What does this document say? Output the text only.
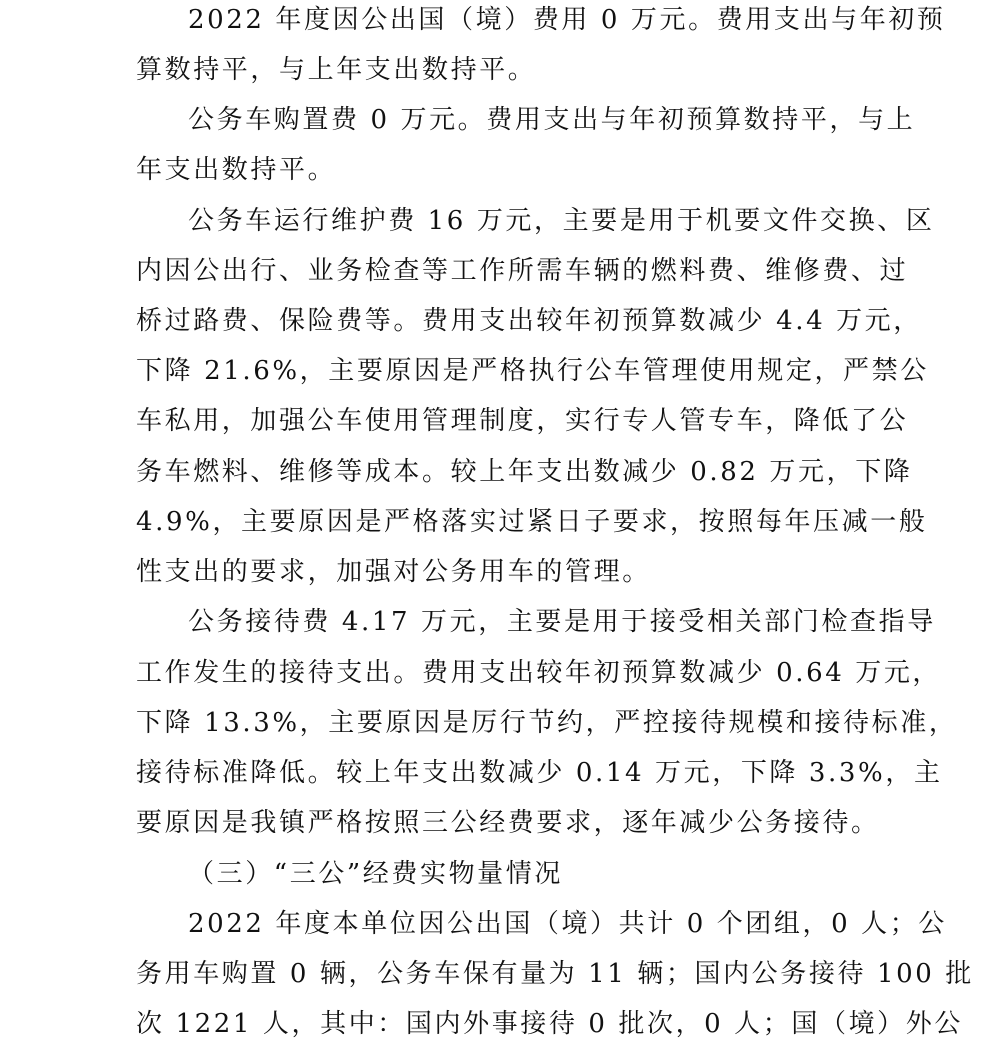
2022 年度因公出国（境）费用 0 万元。费用支出与年初预
算数持平，与上年支出数持平。
公务车购置费 0 万元。费用支出与年初预算数持平，与上
年支出数持平。
公务车运行维护费 16 万元，主要是用于机要文件交换、区
内因公出行、业务检查等工作所需车辆的燃料费、维修费、过
桥过路费、保险费等。费用支出较年初预算数减少 4.4 万元，
下降 21.6%，主要原因是严格执行公车管理使用规定，严禁公
车私用，加强公车使用管理制度，实行专人管专车，降低了公
务车燃料、维修等成本。较上年支出数减少 0.82 万元，下降
4.9%，主要原因是严格落实过紧日子要求，按照每年压减一般
性支出的要求，加强对公务用车的管理。
公务接待费 4.17 万元，主要是用于接受相关部门检查指导
工作发生的接待支出。费用支出较年初预算数减少 0.64 万元，
下降 13.3%，主要原因是厉行节约，严控接待规模和接待标准，
接待标准降低。较上年支出数减少 0.14 万元，下降 3.3%，主
要原因是我镇严格按照三公经费要求，逐年减少公务接待。
（三）“三公”经费实物量情况
2022 年度本单位因公出国（境）共计 0 个团组，0 人；公
务用车购置 0 辆，公务车保有量为 11 辆；国内公务接待 100 批
次 1221 人，其中：国内外事接待 0 批次，0 人；国（境）外公
